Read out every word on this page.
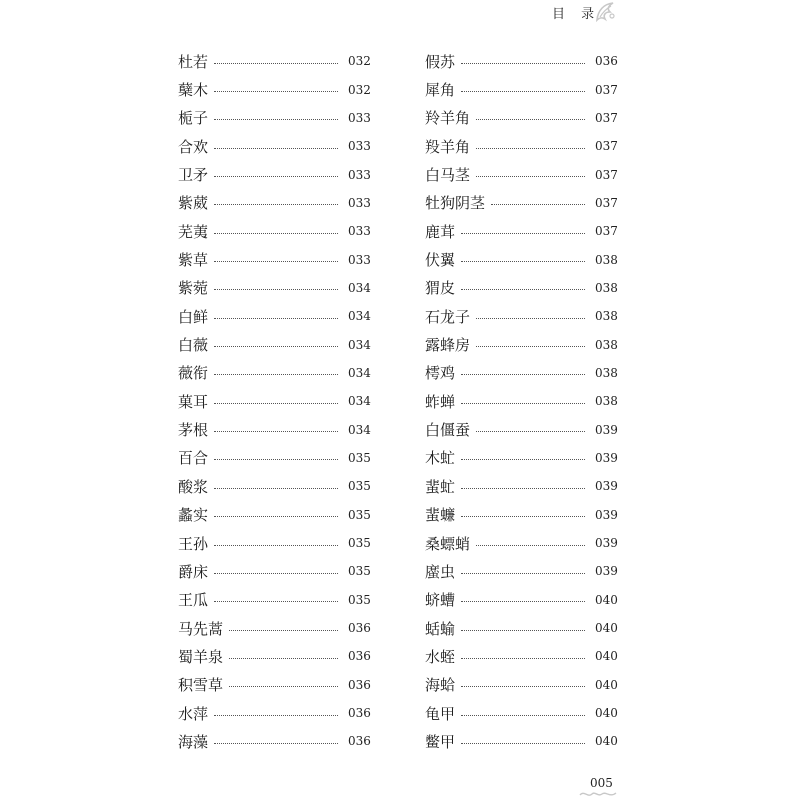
目 录
杜若	032
蘖木	032
栀子	033
合欢	033
卫矛	033
紫葳	033
芜荑	033
紫草	033
紫菀	034
白鲜	034
白薇	034
薇衔	034
菓耳	034
茅根	034
百合	035
酸浆	035
蠡实	035
王孙	035
爵床	035
王瓜	035
马先蒿	036
蜀羊泉	036
积雪草	036
水萍	036
海藻	036
假苏	036
犀角	037
羚羊角	037
羖羊角	037
白马茎	037
牡狗阴茎	037
鹿茸	037
伏翼	038
猬皮	038
石龙子	038
露蜂房	038
樗鸡	038
蚱蝉	038
白僵蚕	039
木虻	039
蜚虻	039
蜚蠊	039
桑螵蛸	039
䗪虫	039
蛴螬	040
蛞蝓	040
水蛭	040
海蛤	040
龟甲	040
鳖甲	040
005
